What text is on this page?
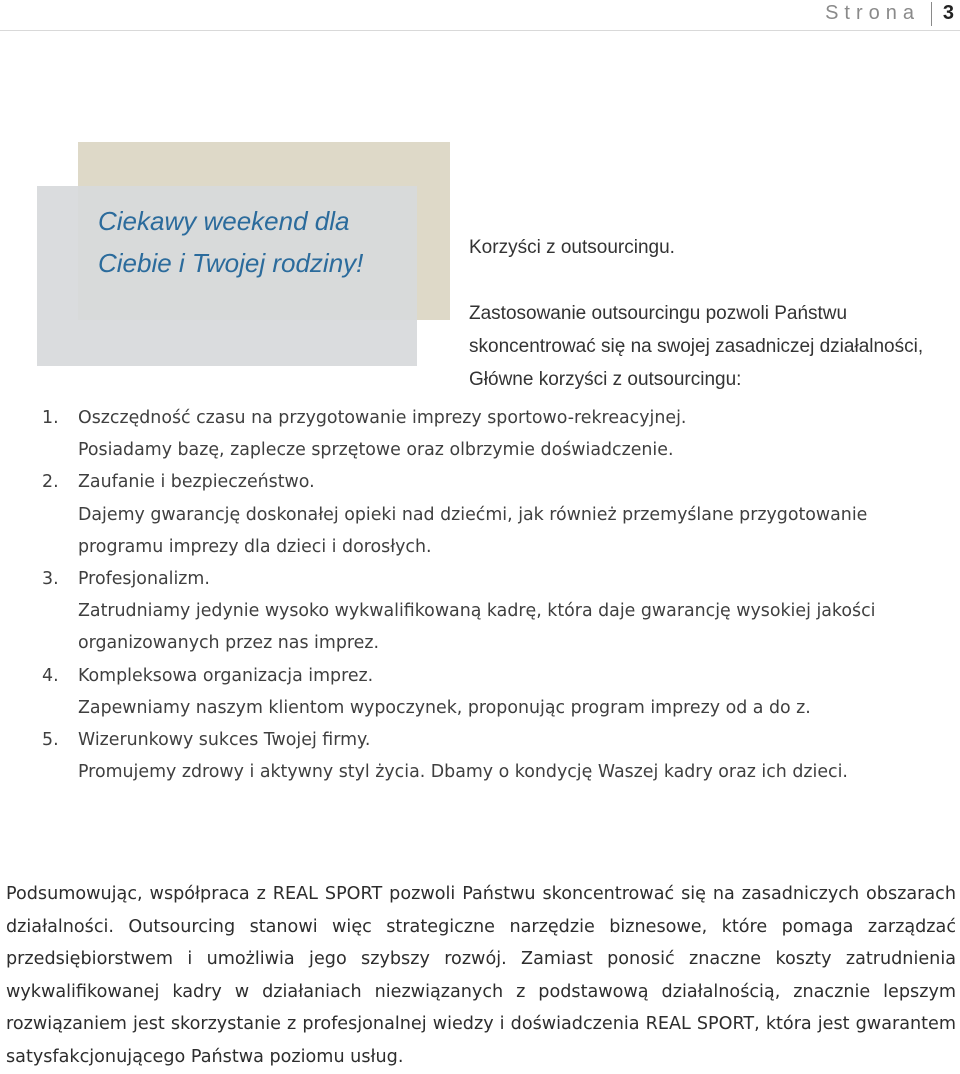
Strona 3
Ciekawy weekend dla
Ciebie i Twojej rodziny!

Korzyści z outsourcingu.

Zastosowanie outsourcingu pozwoli Państwu skoncentrować się na swojej zasadniczej działalności, Główne korzyści z outsourcingu:

1. Oszczędność czasu na przygotowanie imprezy sportowo-rekreacyjnej.
Posiadamy bazę, zaplecze sprzętowe oraz olbrzymie doświadczenie.
2. Zaufanie i bezpieczeństwo.
Dajemy gwarancję doskonałej opieki nad dziećmi, jak również przemyślane przygotowanie programu imprezy dla dzieci i dorosłych.
3. Profesjonalizm.
Zatrudniamy jedynie wysoko wykwalifikowaną kadrę, która daje gwarancję wysokiej jakości organizowanych przez nas imprez.
4. Kompleksowa organizacja imprez.
Zapewniamy naszym klientom wypoczynek, proponując program imprezy od a do z.
5. Wizerunkowy sukces Twojej firmy.
Promujemy zdrowy i aktywny styl życia. Dbamy o kondycję Waszej kadry oraz ich dzieci.
Podsumowując, współpraca z REAL SPORT pozwoli Państwu skoncentrować się na zasadniczych obszarach działalności. Outsourcing stanowi więc strategiczne narzędzie biznesowe, które pomaga zarządzać przedsiębiorstwem i umożliwia jego szybszy rozwój. Zamiast ponosić znaczne koszty zatrudnienia wykwalifikowanej kadry w działaniach niezwiązanych z podstawową działalnością, znacznie lepszym rozwiązaniem jest skorzystanie z profesjonalnej wiedzy i doświadczenia REAL SPORT, która jest gwarantem satysfakcjonującego Państwa poziomu usług.
